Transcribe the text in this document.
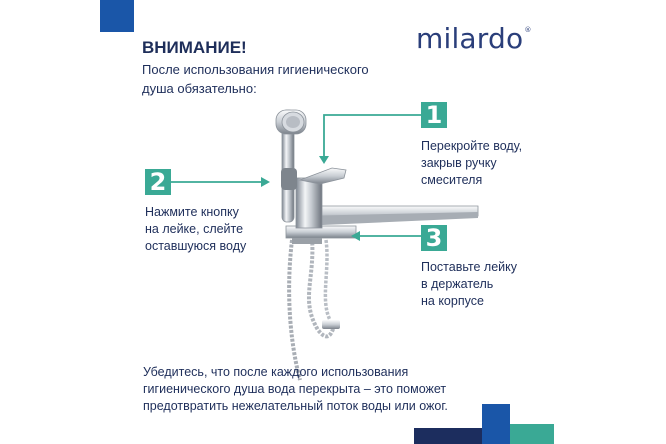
milardo®
ВНИМАНИЕ!
После использования гигиенического
душа обязательно:
1
Перекройте воду,
закрыв ручку
смесителя
2
Нажмите кнопку
на лейке, слейте
оставшуюся воду	3
Поставьте лейку
в держатель
на корпусе
Убедитесь, что после каждого использования
гигиенического душа вода перекрыта – это поможет
предотвратить нежелательный поток воды или ожог.
